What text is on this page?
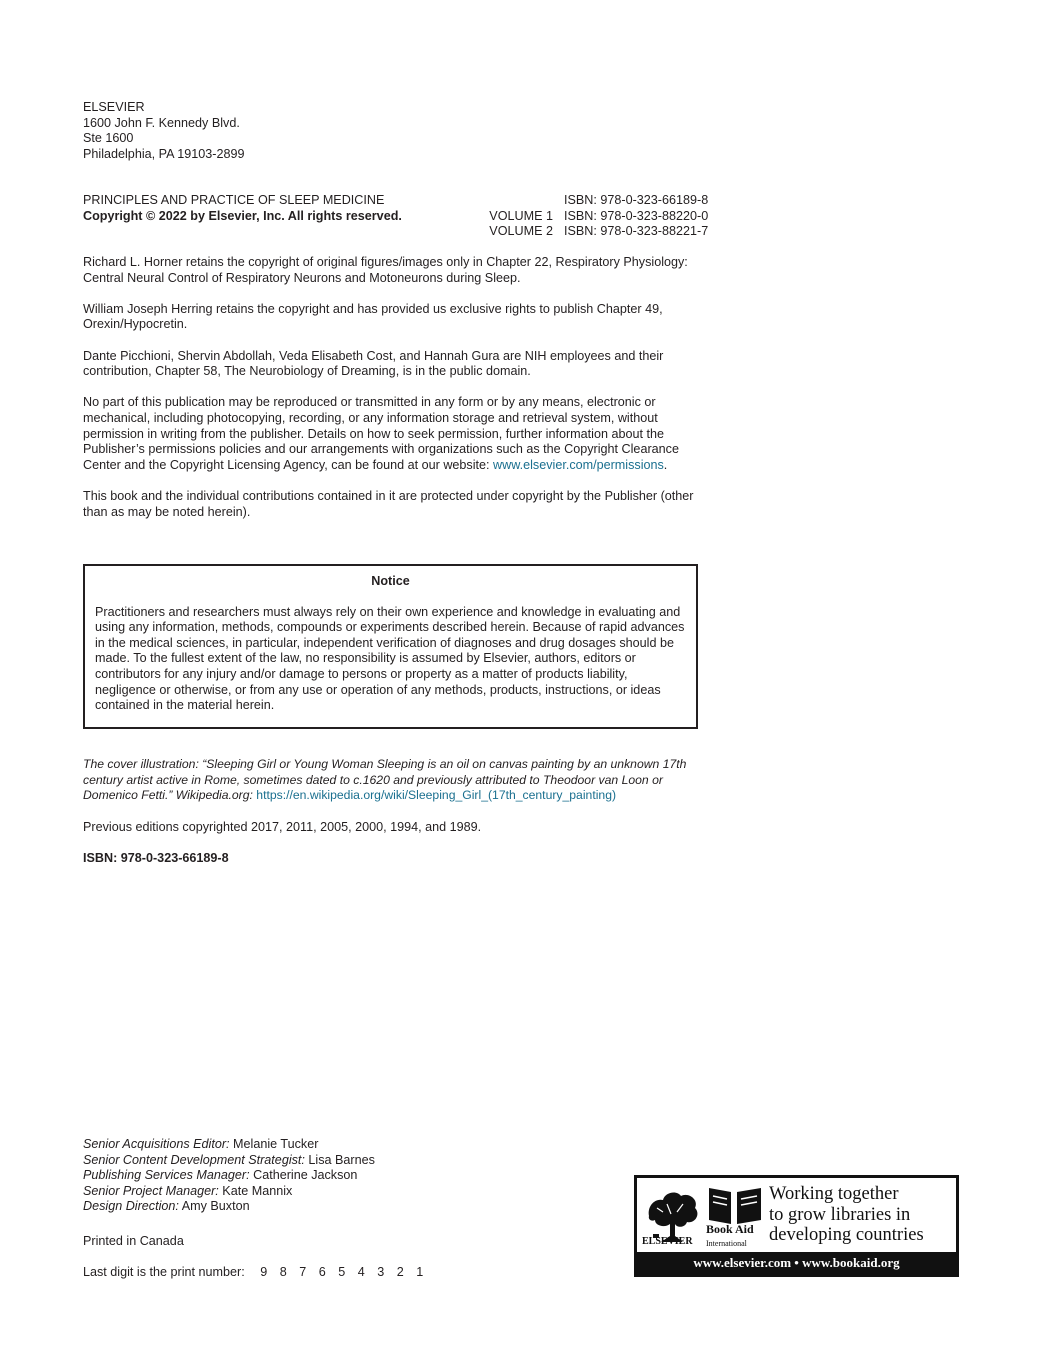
ELSEVIER
1600 John F. Kennedy Blvd.
Ste 1600
Philadelphia, PA 19103-2899
PRINCIPLES AND PRACTICE OF SLEEP MEDICINE	ISBN: 978-0-323-66189-8
Copyright © 2022 by Elsevier, Inc. All rights reserved.	VOLUME 1 ISBN: 978-0-323-88220-0
VOLUME 2 ISBN: 978-0-323-88221-7

Richard L. Horner retains the copyright of original figures/images only in Chapter 22, Respiratory Physiology: Central Neural Control of Respiratory Neurons and Motoneurons during Sleep.

William Joseph Herring retains the copyright and has provided us exclusive rights to publish Chapter 49, Orexin/Hypocretin.

Dante Picchioni, Shervin Abdollah, Veda Elisabeth Cost, and Hannah Gura are NIH employees and their contribution, Chapter 58, The Neurobiology of Dreaming, is in the public domain.

No part of this publication may be reproduced or transmitted in any form or by any means, electronic or mechanical, including photocopying, recording, or any information storage and retrieval system, without permission in writing from the publisher. Details on how to seek permission, further information about the Publisher’s permissions policies and our arrangements with organizations such as the Copyright Clearance Center and the Copyright Licensing Agency, can be found at our website: www.elsevier.com/permissions.

This book and the individual contributions contained in it are protected under copyright by the Publisher (other than as may be noted herein).

Notice
Practitioners and researchers must always rely on their own experience and knowledge in evaluating and using any information, methods, compounds or experiments described herein. Because of rapid advances in the medical sciences, in particular, independent verification of diagnoses and drug dosages should be made. To the fullest extent of the law, no responsibility is assumed by Elsevier, authors, editors or contributors for any injury and/or damage to persons or property as a matter of products liability, negligence or otherwise, or from any use or operation of any methods, products, instructions, or ideas contained in the material herein.
The cover illustration: “Sleeping Girl or Young Woman Sleeping is an oil on canvas painting by an unknown 17th century artist active in Rome, sometimes dated to c.1620 and previously attributed to Theodoor van Loon or Domenico Fetti.” Wikipedia.org: https://en.wikipedia.org/wiki/Sleeping_Girl_(17th_century_painting)
Previous editions copyrighted 2017, 2011, 2005, 2000, 1994, and 1989.
ISBN: 978-0-323-66189-8
Senior Acquisitions Editor: Melanie Tucker
Senior Content Development Strategist: Lisa Barnes
Publishing Services Manager: Catherine Jackson
Senior Project Manager: Kate Mannix
Design Direction: Amy Buxton
Printed in Canada
Last digit is the print number: 9 8 7 6 5 4 3 2 1
ELSEVIER
Book Aid
International
Working together
to grow libraries in
developing countries
www.elsevier.com • www.bookaid.org
